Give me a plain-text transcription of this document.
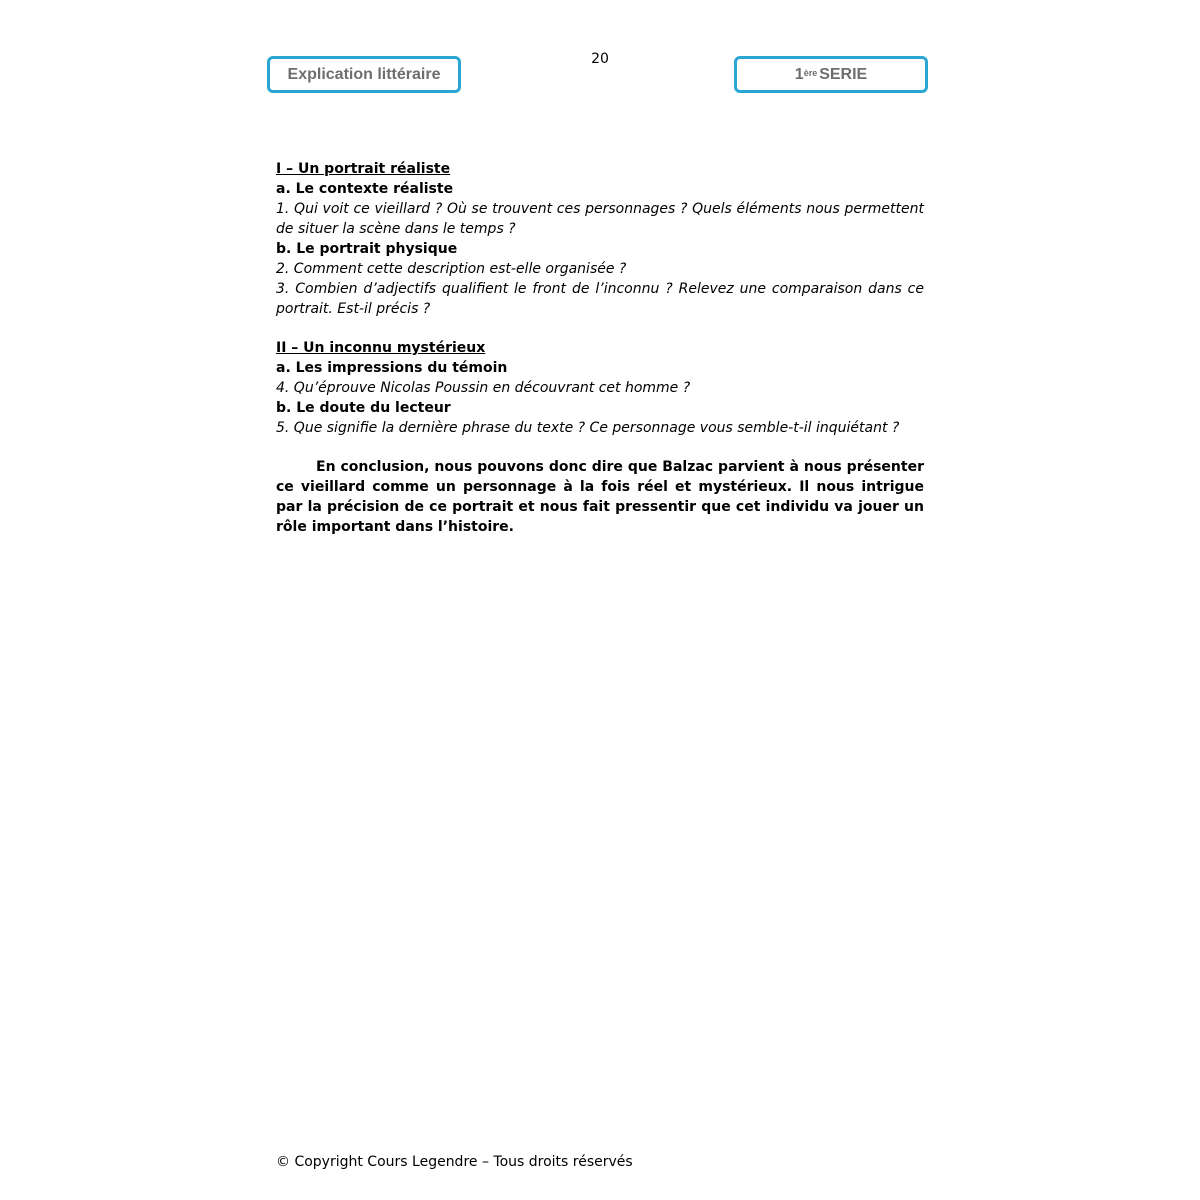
20
Explication littéraire	1 ère SERIE

I – Un portrait réaliste

a. Le contexte réaliste

1. Qui voit ce vieillard ? Où se trouvent ces personnages ? Quels éléments nous permettent de situer la scène dans le temps ?

b. Le portrait physique

2. Comment cette description est-elle organisée ?

3. Combien d’adjectifs qualifient le front de l’inconnu ? Relevez une comparaison dans ce portrait. Est-il précis ?

II – Un inconnu mystérieux

a. Les impressions du témoin

4. Qu’éprouve Nicolas Poussin en découvrant cet homme ?

b. Le doute du lecteur

5. Que signifie la dernière phrase du texte ? Ce personnage vous semble-t-il inquiétant ?

En conclusion, nous pouvons donc dire que Balzac parvient à nous présenter ce vieillard comme un personnage à la fois réel et mystérieux. Il nous intrigue par la précision de ce portrait et nous fait pressentir que cet individu va jouer un rôle important dans l’histoire.

© Copyright Cours Legendre – Tous droits réservés
